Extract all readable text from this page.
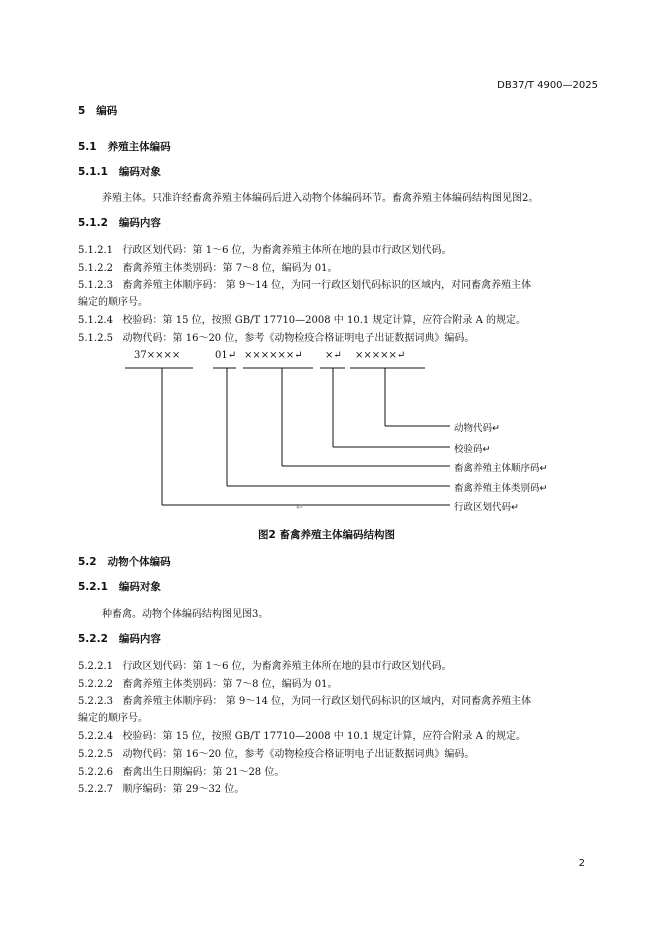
DB37/T 4900—2025
5 编码
5.1 养殖主体编码
5.1.1 编码对象
养殖主体。只准许经畜禽养殖主体编码后进入动物个体编码环节。畜禽养殖主体编码结构图见图2。
5.1.2 编码内容
5.1.2.1 行政区划代码：第 1～6 位，为畜禽养殖主体所在地的县市行政区划代码。
5.1.2.2 畜禽养殖主体类别码：第 7～8 位，编码为 01。
5.1.2.3 畜禽养殖主体顺序码： 第 9～14 位，为同一行政区划代码标识的区域内，对同畜禽养殖主体
编定的顺序号。
5.1.2.4 校验码：第 15 位，按照 GB/T 17710—2008 中 10.1 规定计算，应符合附录 A 的规定。
5.1.2.5 动物代码：第 16～20 位，参考《动物检疫合格证明电子出证数据词典》编码。
37××××	01↵ ××××××↵ ×↵ ×××××↵
动物代码↵
校验码↵
畜禽养殖主体顺序码↵
畜禽养殖主体类别码↵
行政区划代码↵
↵
图2 畜禽养殖主体编码结构图
5.2 动物个体编码
5.2.1 编码对象
种畜禽。动物个体编码结构图见图3。
5.2.2 编码内容
5.2.2.1 行政区划代码：第 1～6 位，为畜禽养殖主体所在地的县市行政区划代码。
5.2.2.2 畜禽养殖主体类别码：第 7～8 位，编码为 01。
5.2.2.3 畜禽养殖主体顺序码： 第 9～14 位，为同一行政区划代码标识的区域内，对同畜禽养殖主体
编定的顺序号。
5.2.2.4 校验码：第 15 位，按照 GB/T 17710—2008 中 10.1 规定计算，应符合附录 A 的规定。
5.2.2.5 动物代码：第 16～20 位，参考《动物检疫合格证明电子出证数据词典》编码。
5.2.2.6 畜禽出生日期编码：第 21～28 位。
5.2.2.7 顺序编码：第 29～32 位。
2
